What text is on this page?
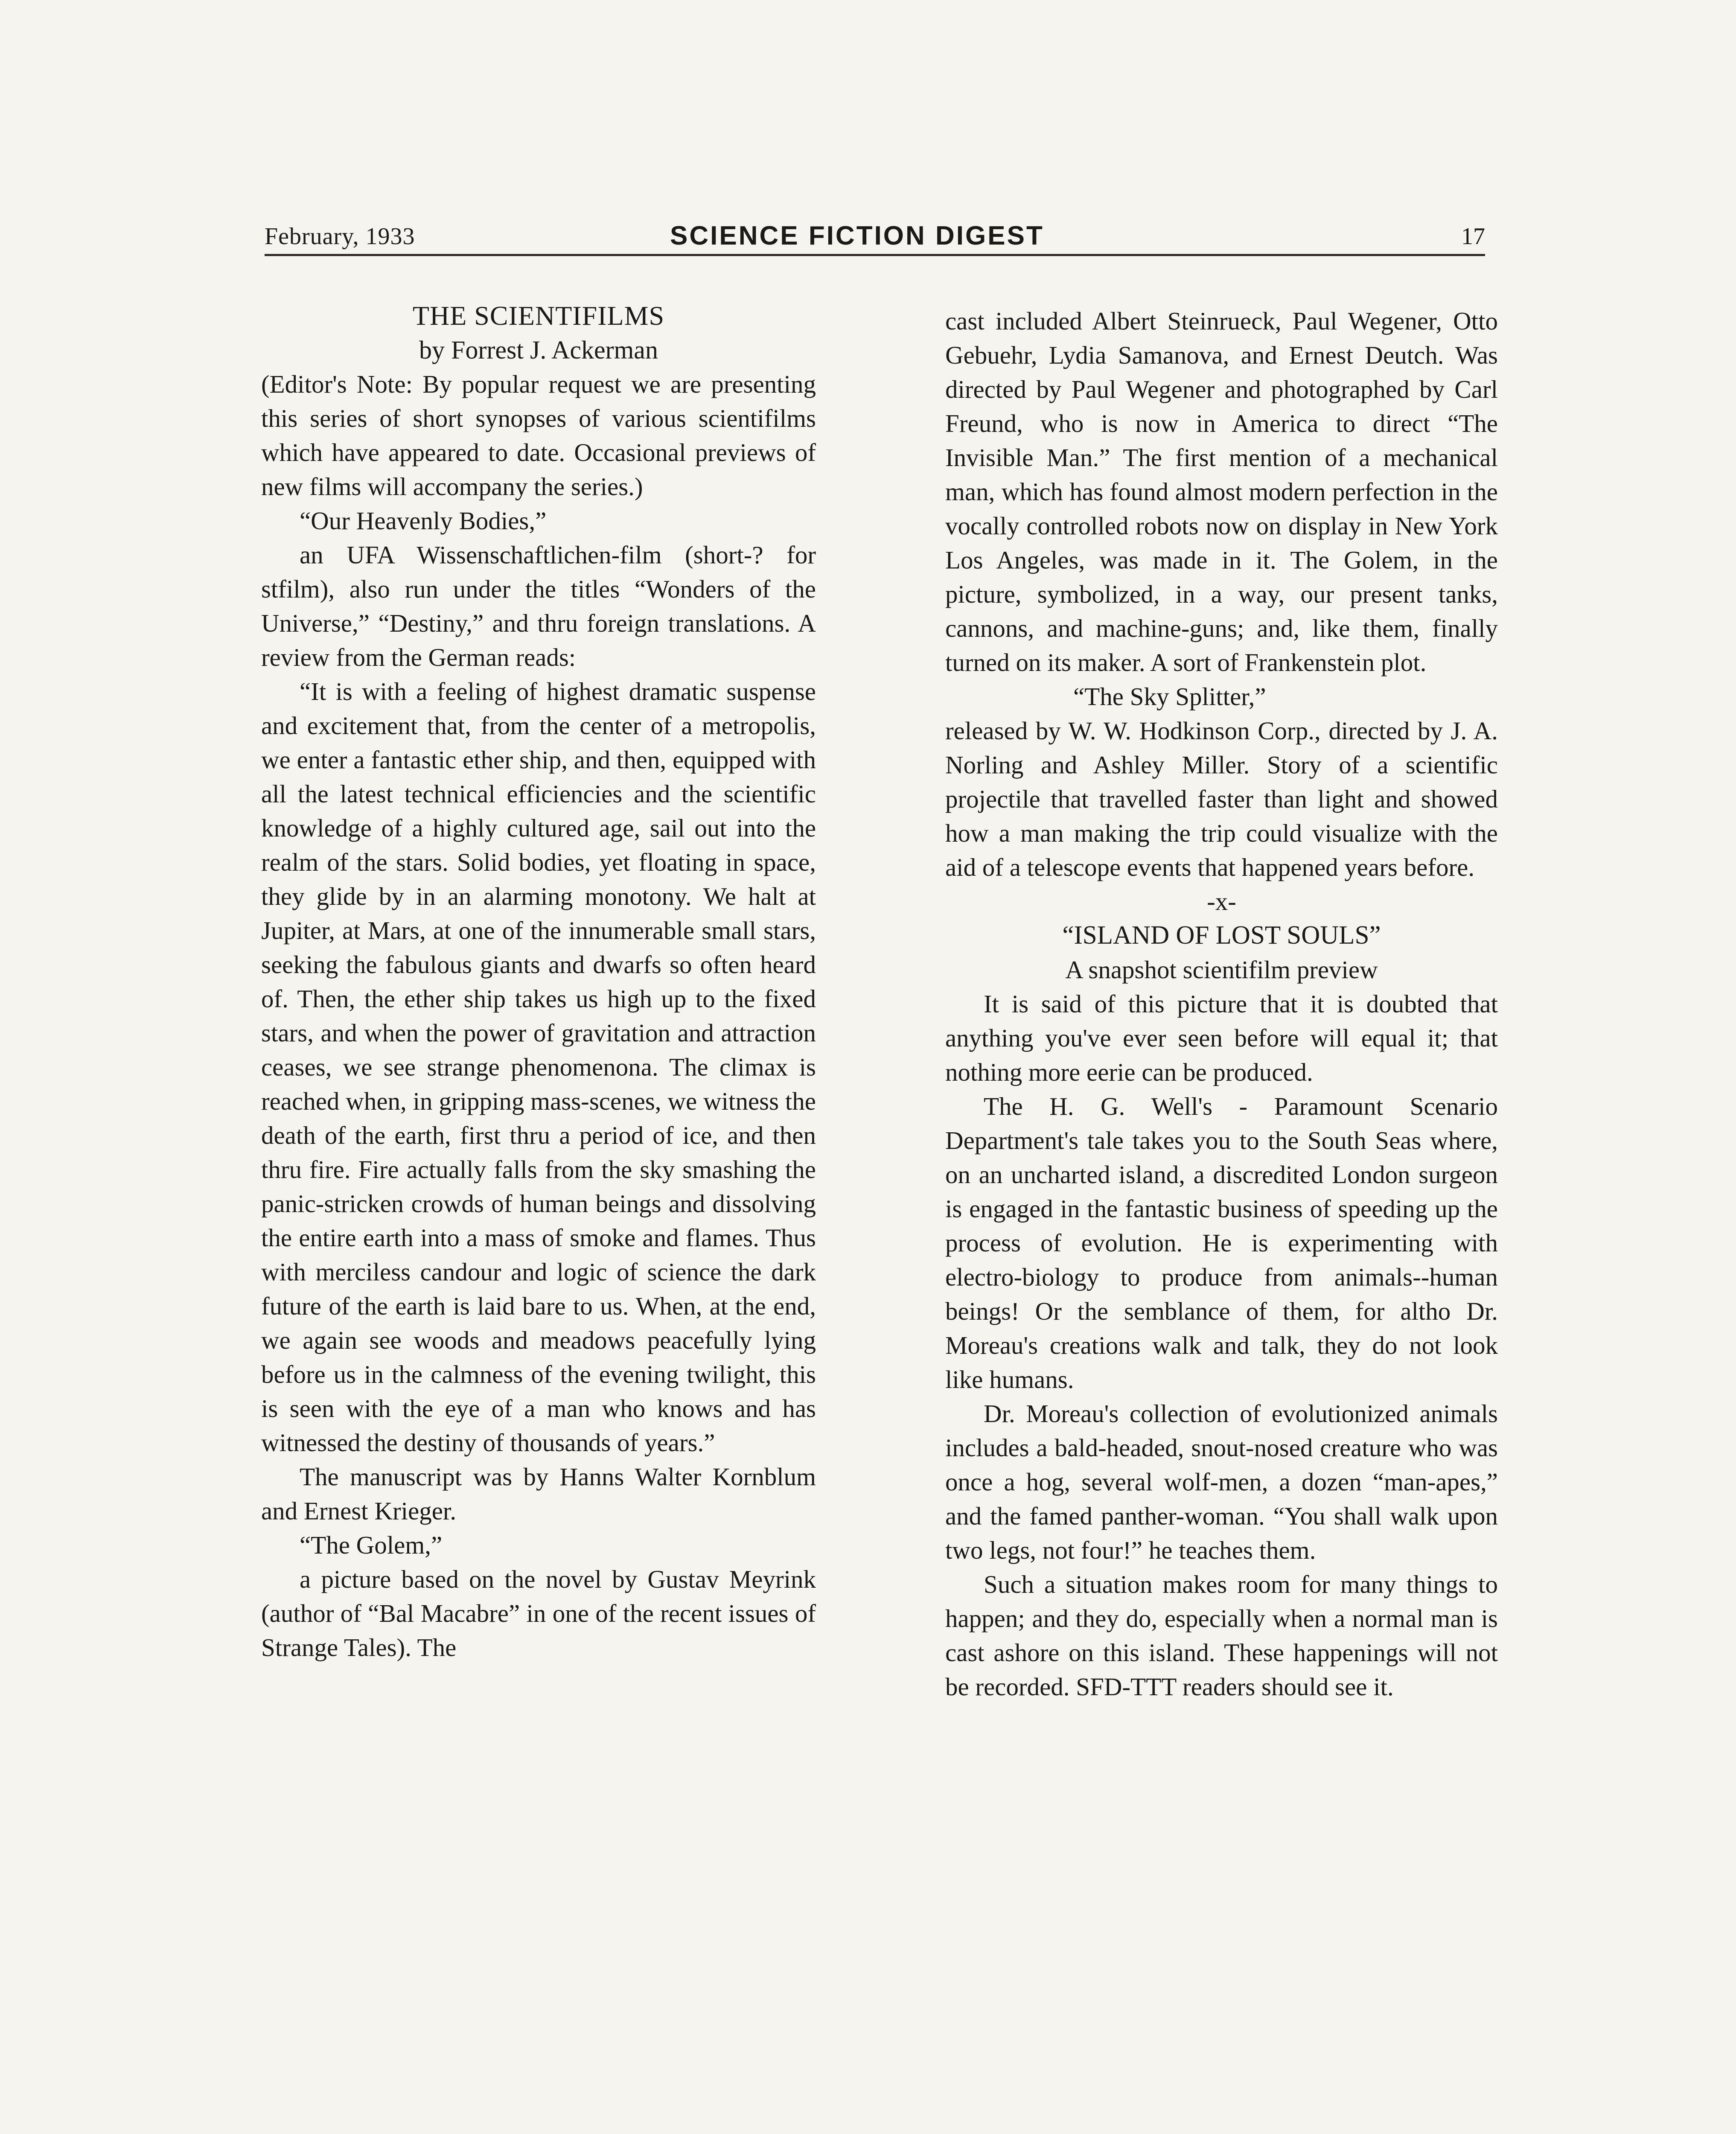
February, 1933	SCIENCE FICTION DIGEST	17

THE SCIENTIFILMS

by Forrest J. Ackerman

(Editor's Note: By popular request we are presenting this series of short synopses of various scientifilms which have appeared to date. Occasional previews of new films will accompany the series.)

“Our Heavenly Bodies,”

an UFA Wissenschaftlichen-film (short-? for stfilm), also run under the titles “Wonders of the Universe,” “Destiny,” and thru foreign translations. A review from the German reads:

“It is with a feeling of highest dramatic suspense and excitement that, from the center of a metropolis, we enter a fantastic ether ship, and then, equipped with all the latest technical efficiencies and the scientific knowledge of a highly cultured age, sail out into the realm of the stars. Solid bodies, yet floating in space, they glide by in an alarming monotony. We halt at Jupiter, at Mars, at one of the innumerable small stars, seeking the fabulous giants and dwarfs so often heard of. Then, the ether ship takes us high up to the fixed stars, and when the power of gravitation and attraction ceases, we see strange phenomenona. The climax is reached when, in gripping mass-scenes, we witness the death of the earth, first thru a period of ice, and then thru fire. Fire actually falls from the sky smashing the panic-stricken crowds of human beings and dissolving the entire earth into a mass of smoke and flames. Thus with merciless candour and logic of science the dark future of the earth is laid bare to us. When, at the end, we again see woods and meadows peacefully lying before us in the calmness of the evening twilight, this is seen with the eye of a man who knows and has witnessed the destiny of thousands of years.”

The manuscript was by Hanns Walter Kornblum and Ernest Krieger.

“The Golem,”

a picture based on the novel by Gustav Meyrink (author of “Bal Macabre” in one of the recent issues of Strange Tales). The

cast included Albert Steinrueck, Paul Wegener, Otto Gebuehr, Lydia Samanova, and Ernest Deutch. Was directed by Paul Wegener and photographed by Carl Freund, who is now in America to direct “The Invisible Man.” The first mention of a mechanical man, which has found almost modern perfection in the vocally controlled robots now on display in New York Los Angeles, was made in it. The Golem, in the picture, symbolized, in a way, our present tanks, cannons, and machine-guns; and, like them, finally turned on its maker. A sort of Frankenstein plot.

“The Sky Splitter,”

released by W. W. Hodkinson Corp., directed by J. A. Norling and Ashley Miller. Story of a scientific projectile that travelled faster than light and showed how a man making the trip could visualize with the aid of a telescope events that happened years before.

-x-

“ISLAND OF LOST SOULS”

A snapshot scientifilm preview

It is said of this picture that it is doubted that anything you've ever seen before will equal it; that nothing more eerie can be produced.

The H. G. Well's - Paramount Scenario Department's tale takes you to the South Seas where, on an uncharted island, a discredited London surgeon is engaged in the fantastic business of speeding up the process of evolution. He is experimenting with electro-biology to produce from animals--human beings! Or the semblance of them, for altho Dr. Moreau's creations walk and talk, they do not look like humans.

Dr. Moreau's collection of evolutionized animals includes a bald-headed, snout-nosed creature who was once a hog, several wolf-men, a dozen “man-apes,” and the famed panther-woman. “You shall walk upon two legs, not four!” he teaches them.

Such a situation makes room for many things to happen; and they do, especially when a normal man is cast ashore on this island. These happenings will not be recorded. SFD-TTT readers should see it.
